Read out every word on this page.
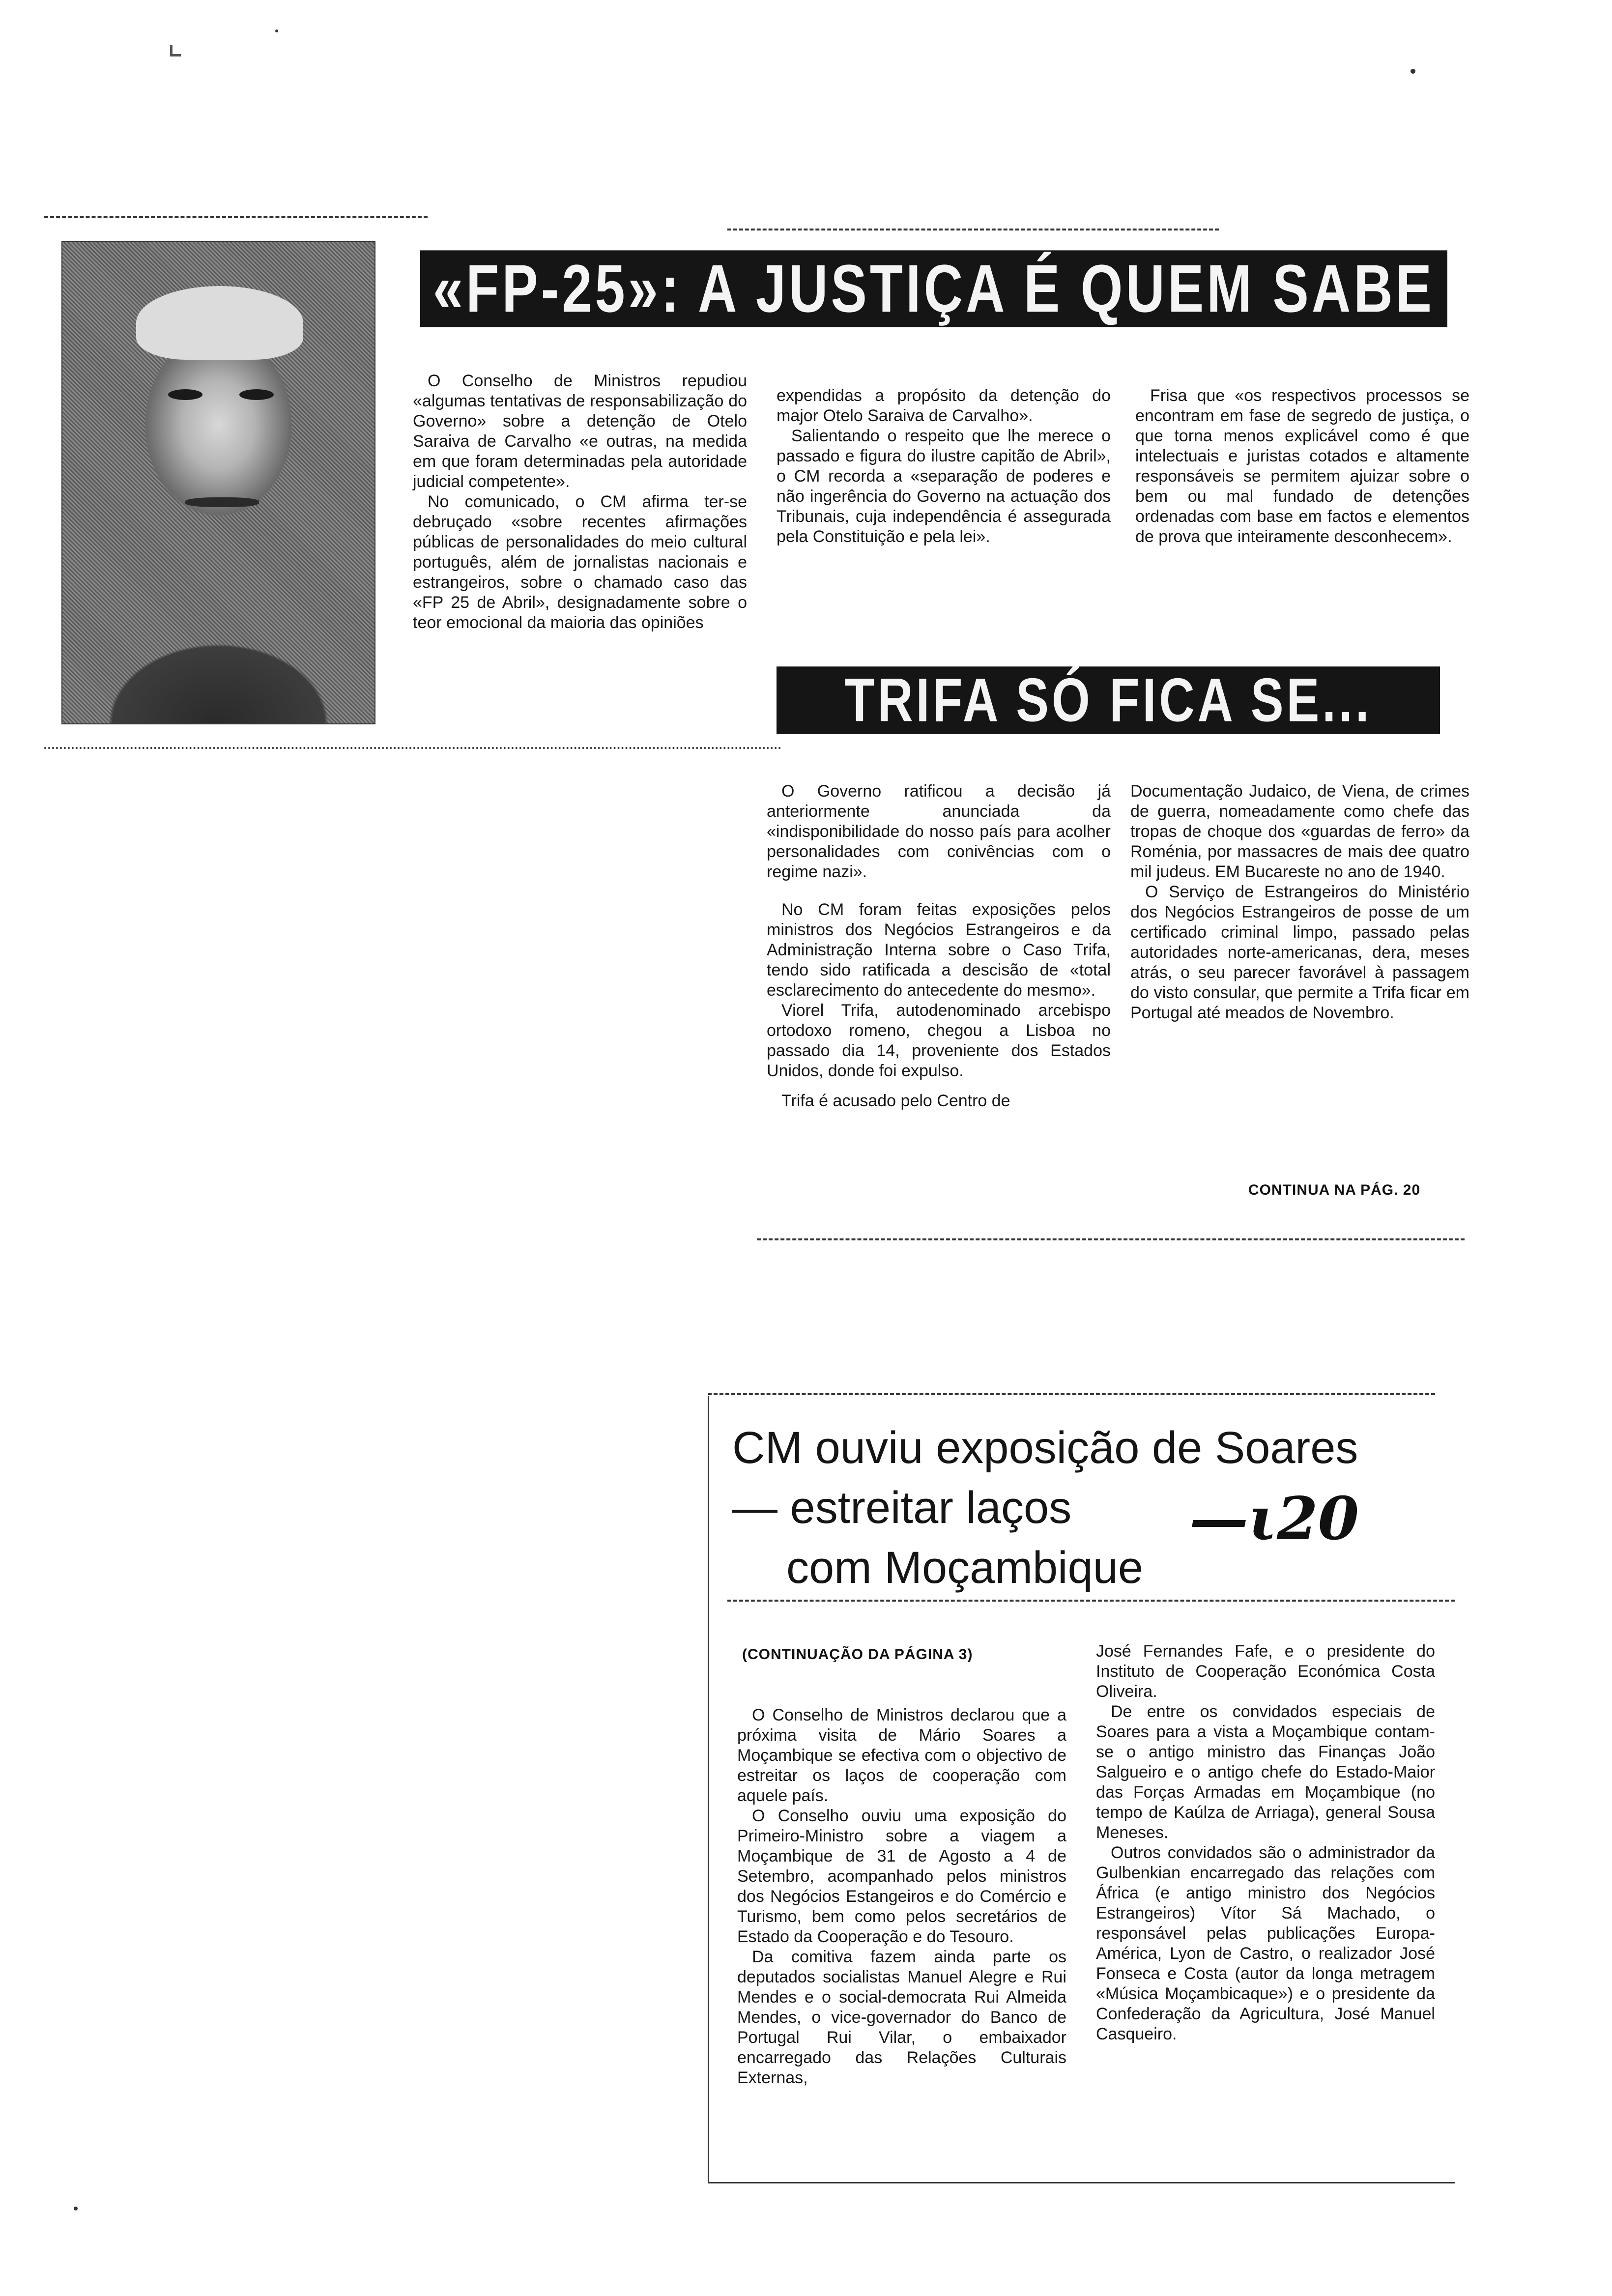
⌞
«FP-25»: A JUSTIÇA É QUEM SABE

O Conselho de Ministros repudiou «algumas tentativas de responsabilização do Governo» sobre a detenção de Otelo Saraiva de Carvalho «e outras, na medida em que foram determinadas pela autoridade judicial competente».

No comunicado, o CM afirma ter-se debruçado «sobre recentes afirmações públicas de personalidades do meio cultural português, além de jornalistas nacionais e estrangeiros, sobre o chamado caso das «FP 25 de Abril», designadamente sobre o teor emocional da maioria das opiniões

expendidas a propósito da detenção do major Otelo Saraiva de Carvalho».

Salientando o respeito que lhe merece o passado e figura do ilustre capitão de Abril», o CM recorda a «separação de poderes e não ingerência do Governo na actuação dos Tribunais, cuja independência é assegurada pela Constituição e pela lei».

Frisa que «os respectivos processos se encontram em fase de segredo de justiça, o que torna menos explicável como é que intelectuais e juristas cotados e altamente responsáveis se permitem ajuizar sobre o bem ou mal fundado de detenções ordenadas com base em factos e elementos de prova que inteiramente desconhecem».

TRIFA SÓ FICA SE...

O Governo ratificou a decisão já anteriormente anunciada da «indisponibilidade do nosso país para acolher personalidades com conivências com o regime nazi».

No CM foram feitas exposições pelos ministros dos Negócios Estrangeiros e da Administração Interna sobre o Caso Trifa, tendo sido ratificada a descisão de «total esclarecimento do antecedente do mesmo».

Viorel Trifa, autodenominado arcebispo ortodoxo romeno, chegou a Lisboa no passado dia 14, proveniente dos Estados Unidos, donde foi expulso.

Trifa é acusado pelo Centro de

Documentação Judaico, de Viena, de crimes de guerra, nomeadamente como chefe das tropas de choque dos «guardas de ferro» da Roménia, por massacres de mais dee quatro mil judeus. EM Bucareste no ano de 1940.

O Serviço de Estrangeiros do Ministério dos Negócios Estrangeiros de posse de um certificado criminal limpo, passado pelas autoridades norte-americanas, dera, meses atrás, o seu parecer favorável à passagem do visto consular, que permite a Trifa ficar em Portugal até meados de Novembro.

CONTINUA NA PÁG. 20
CM ouviu exposição de Soares
— estreitar laços
com Moçambique
—ι20
(CONTINUAÇÃO DA PÁGINA 3)

O Conselho de Ministros declarou que a próxima visita de Mário Soares a Moçambique se efectiva com o objectivo de estreitar os laços de cooperação com aquele país.

O Conselho ouviu uma exposição do Primeiro-Ministro sobre a viagem a Moçambique de 31 de Agosto a 4 de Setembro, acompanhado pelos ministros dos Negócios Estangeiros e do Comércio e Turismo, bem como pelos secretários de Estado da Cooperação e do Tesouro.

Da comitiva fazem ainda parte os deputados socialistas Manuel Alegre e Rui Mendes e o social-democrata Rui Almeida Mendes, o vice-governador do Banco de Portugal Rui Vilar, o embaixador encarregado das Relações Culturais Externas,

José Fernandes Fafe, e o presidente do Instituto de Cooperação Económica Costa Oliveira.

De entre os convidados especiais de Soares para a vista a Moçambique contam-se o antigo ministro das Finanças João Salgueiro e o antigo chefe do Estado-Maior das Forças Armadas em Moçambique (no tempo de Kaúlza de Arriaga), general Sousa Meneses.

Outros convidados são o administrador da Gulbenkian encarregado das relações com África (e antigo ministro dos Negócios Estrangeiros) Vítor Sá Machado, o responsável pelas publicações Europa-América, Lyon de Castro, o realizador José Fonseca e Costa (autor da longa metragem «Música Moçambicaque») e o presidente da Confederação da Agricultura, José Manuel Casqueiro.
